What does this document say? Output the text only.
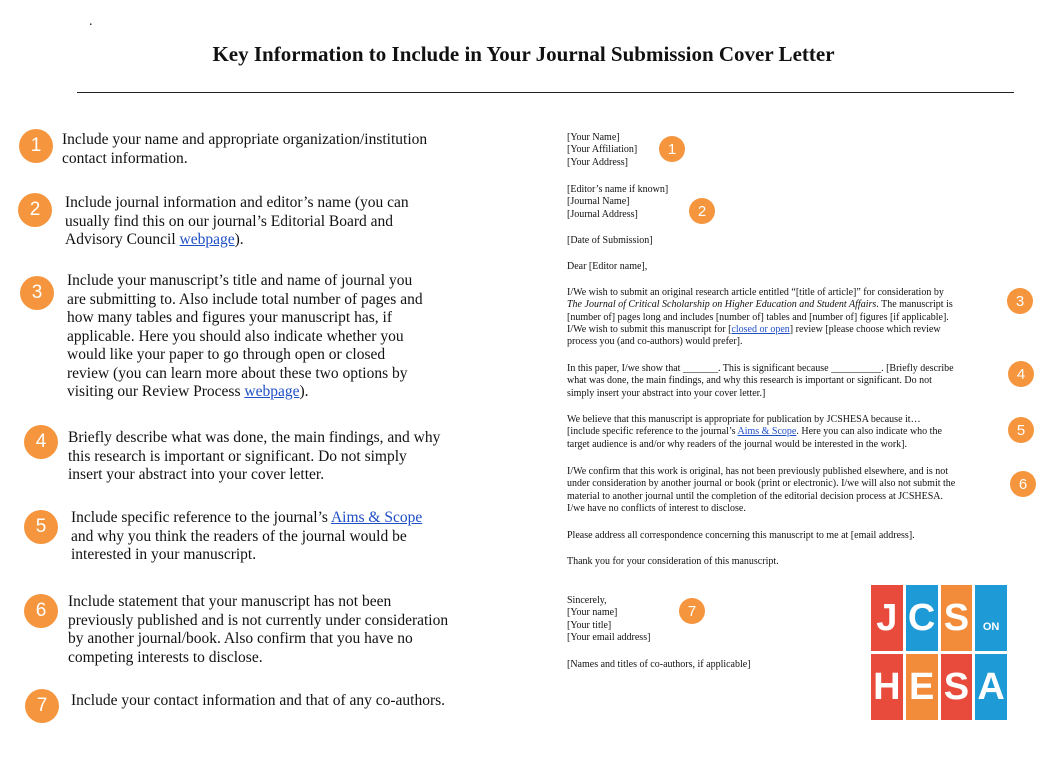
.
Key Information to Include in Your Journal Submission Cover Letter
1	Include your name and appropriate organization/institution
contact information.
2	Include journal information and editor’s name (you can
usually find this on our journal’s Editorial Board and
Advisory Council webpage).
3
Include your manuscript’s title and name of journal you
are submitting to. Also include total number of pages and
how many tables and figures your manuscript has, if
applicable. Here you should also indicate whether you
would like your paper to go through open or closed
review (you can learn more about these two options by
visiting our Review Process webpage).
4	Briefly describe what was done, the main findings, and why
this research is important or significant. Do not simply
insert your abstract into your cover letter.
5	Include specific reference to the journal’s Aims & Scope
and why you think the readers of the journal would be
interested in your manuscript.
6	Include statement that your manuscript has not been
previously published and is not currently under consideration
by another journal/book. Also confirm that you have no
competing interests to disclose.
7	Include your contact information and that of any co-authors.
[Your Name]
[Your Affiliation]
[Your Address]
[Editor’s name if known]
[Journal Name]
[Journal Address]
[Date of Submission]
Dear [Editor name],
I/We wish to submit an original research article entitled “[title of article]” for consideration by
The Journal of Critical Scholarship on Higher Education and Student Affairs. The manuscript is
[number of] pages long and includes [number of] tables and [number of] figures [if applicable].
I/We wish to submit this manuscript for [closed or open] review [please choose which review
process you (and co-authors) would prefer].
In this paper, I/we show that _______. This is significant because __________. [Briefly describe
what was done, the main findings, and why this research is important or significant. Do not
simply insert your abstract into your cover letter.]
We believe that this manuscript is appropriate for publication by JCSHESA because it…
[include specific reference to the journal’s Aims & Scope. Here you can also indicate who the
target audience is and/or why readers of the journal would be interested in the work].
I/We confirm that this work is original, has not been previously published elsewhere, and is not
under consideration by another journal or book (print or electronic). I/we will also not submit the
material to another journal until the completion of the editorial decision process at JCSHESA.
I/we have no conflicts of interest to disclose.
Please address all correspondence concerning this manuscript to me at [email address].
Thank you for your consideration of this manuscript.
Sincerely,
[Your name]
[Your title]
[Your email address]
[Names and titles of co-authors, if applicable]
1
2
3
4
5
6
7	J C S ON
H E S A
